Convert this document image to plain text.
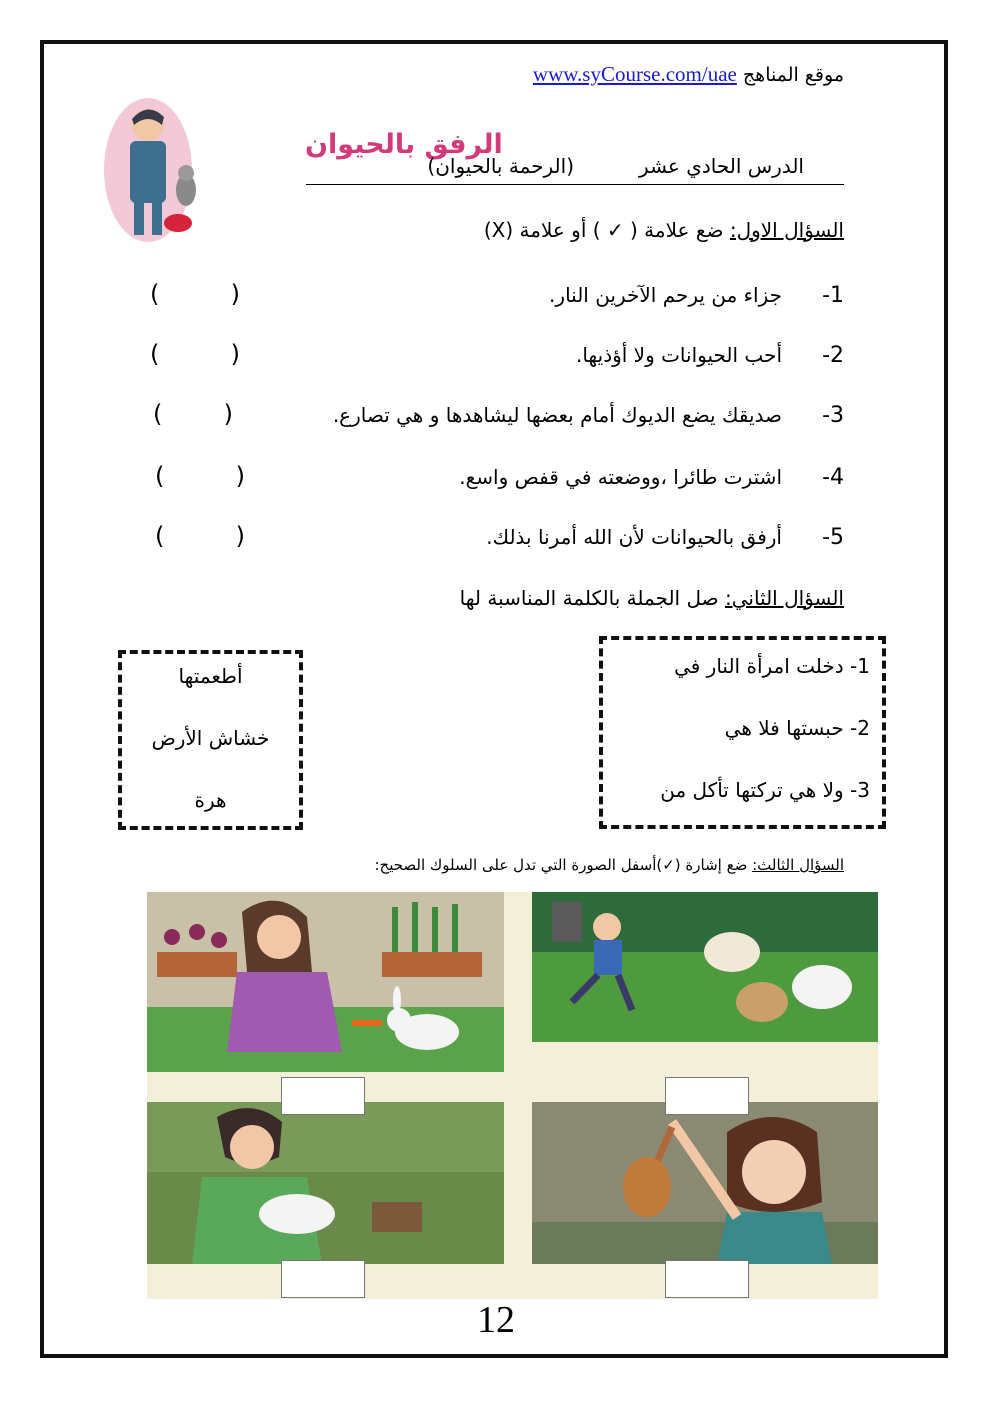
موقع المناهج www.syCourse.com/uae
الرفق بالحيوان
الدرس الحادي عشر
(الرحمة بالحيوان)
السؤال الاول: ضع علامة ( ✓ ) أو علامة (X)
-1
جزاء من يرحم الآخرين النار.
(	)
-2
أحب الحيوانات ولا أؤذيها.
(	)
-3
صديقك يضع الديوك أمام بعضها ليشاهدها و هي تصارع.
(	)
-4
اشترت طائرا ،ووضعته في قفص واسع.
(	)
-5
أرفق بالحيوانات لأن الله أمرنا بذلك.
(	)
السؤال الثاني: صل الجملة بالكلمة المناسبة لها
1- دخلت امرأة النار في
2- حبستها فلا هي
3- ولا هي تركتها تأكل من
أطعمتها
خشاش الأرض
هرة
السؤال الثالث: ضع إشارة (✓)أسفل الصورة التي تدل على السلوك الصحيح:
12
